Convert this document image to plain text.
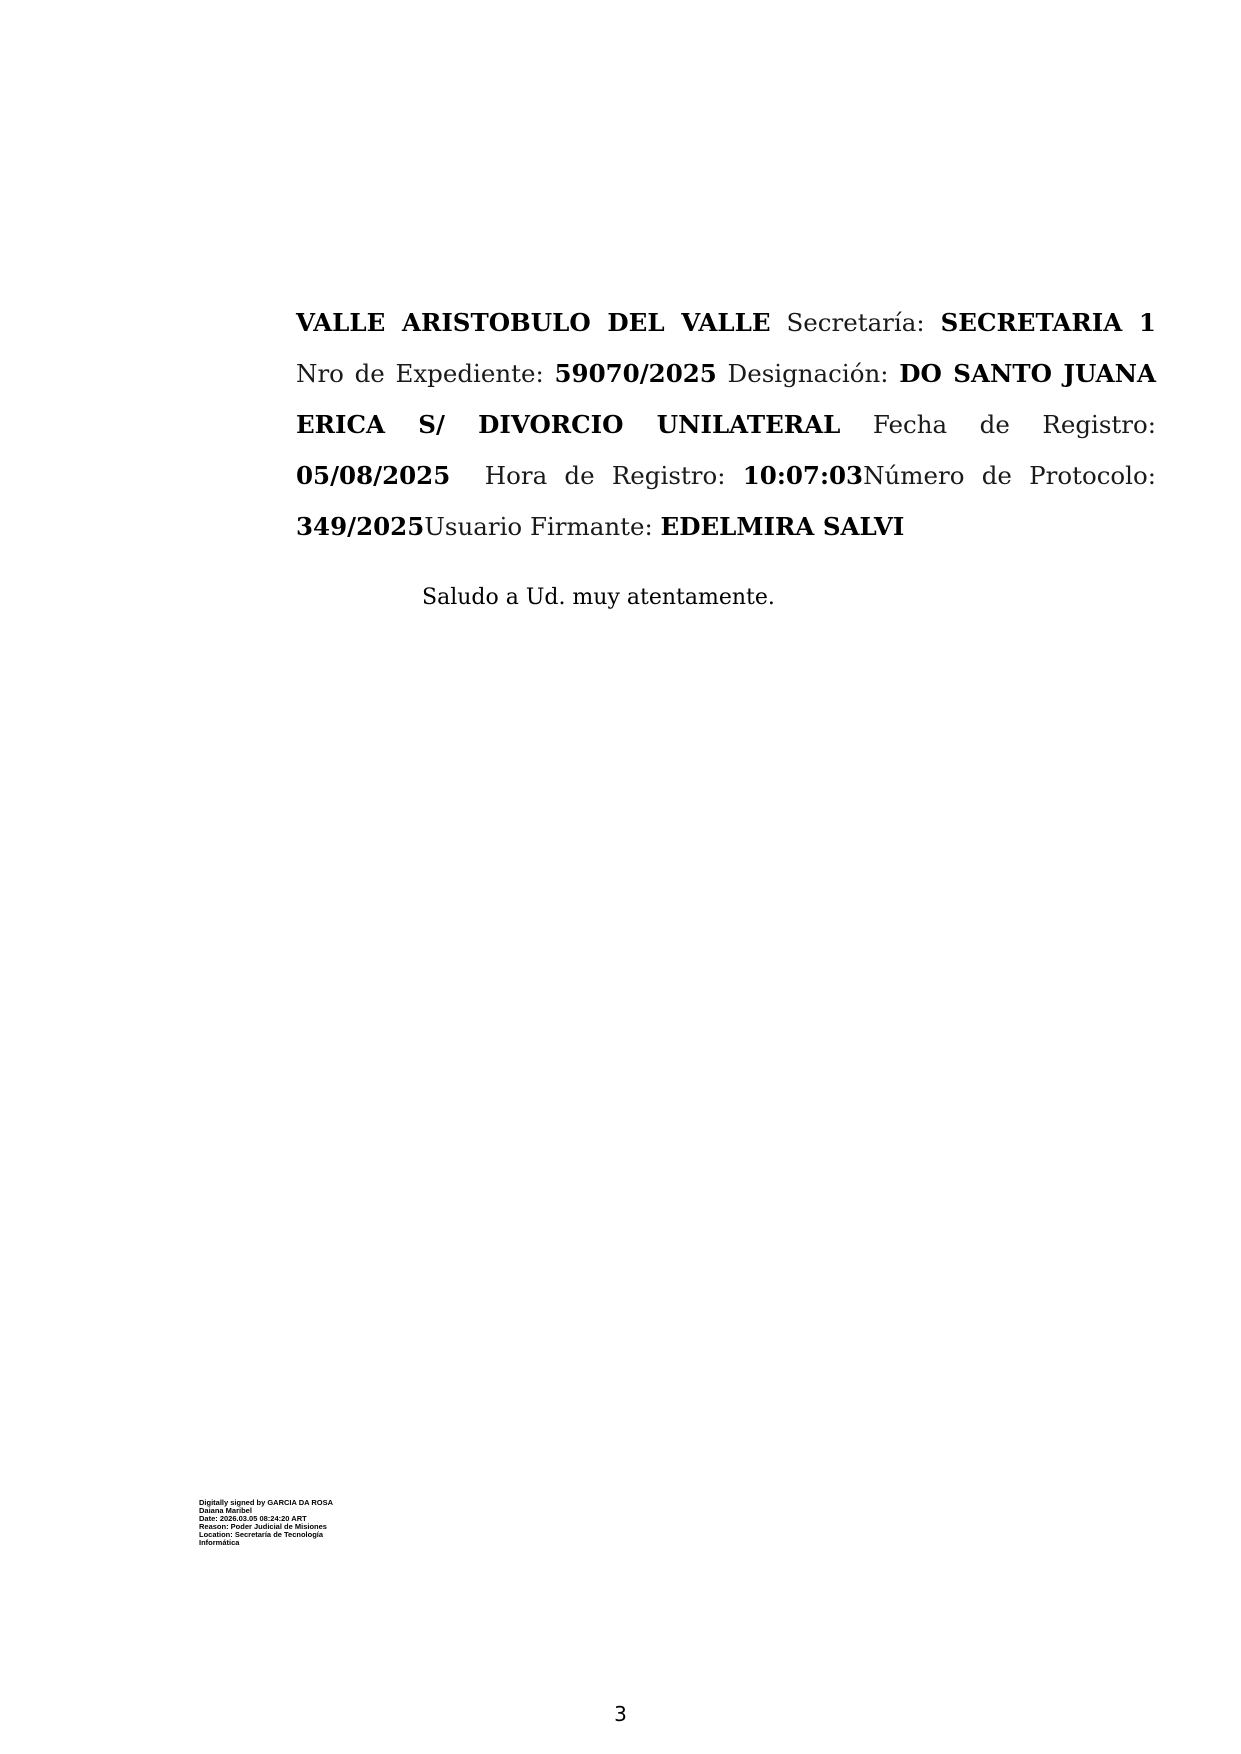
VALLE ARISTOBULO DEL VALLE Secretaría: SECRETARIA 1 Nro de Expediente: 59070/2025 Designación: DO SANTO JUANA ERICA S/ DIVORCIO UNILATERAL Fecha de Registro: 05/08/2025 Hora de Registro: 10:07:03Número de Protocolo: 349/2025Usuario Firmante: EDELMIRA SALVI

Saludo a Ud. muy atentamente.

Digitally signed by GARCIA DA ROSA
Daiana Maribel
Date: 2026.03.05 08:24:20 ART
Reason: Poder Judicial de Misiones
Location: Secretaría de Tecnología
Informática
3
